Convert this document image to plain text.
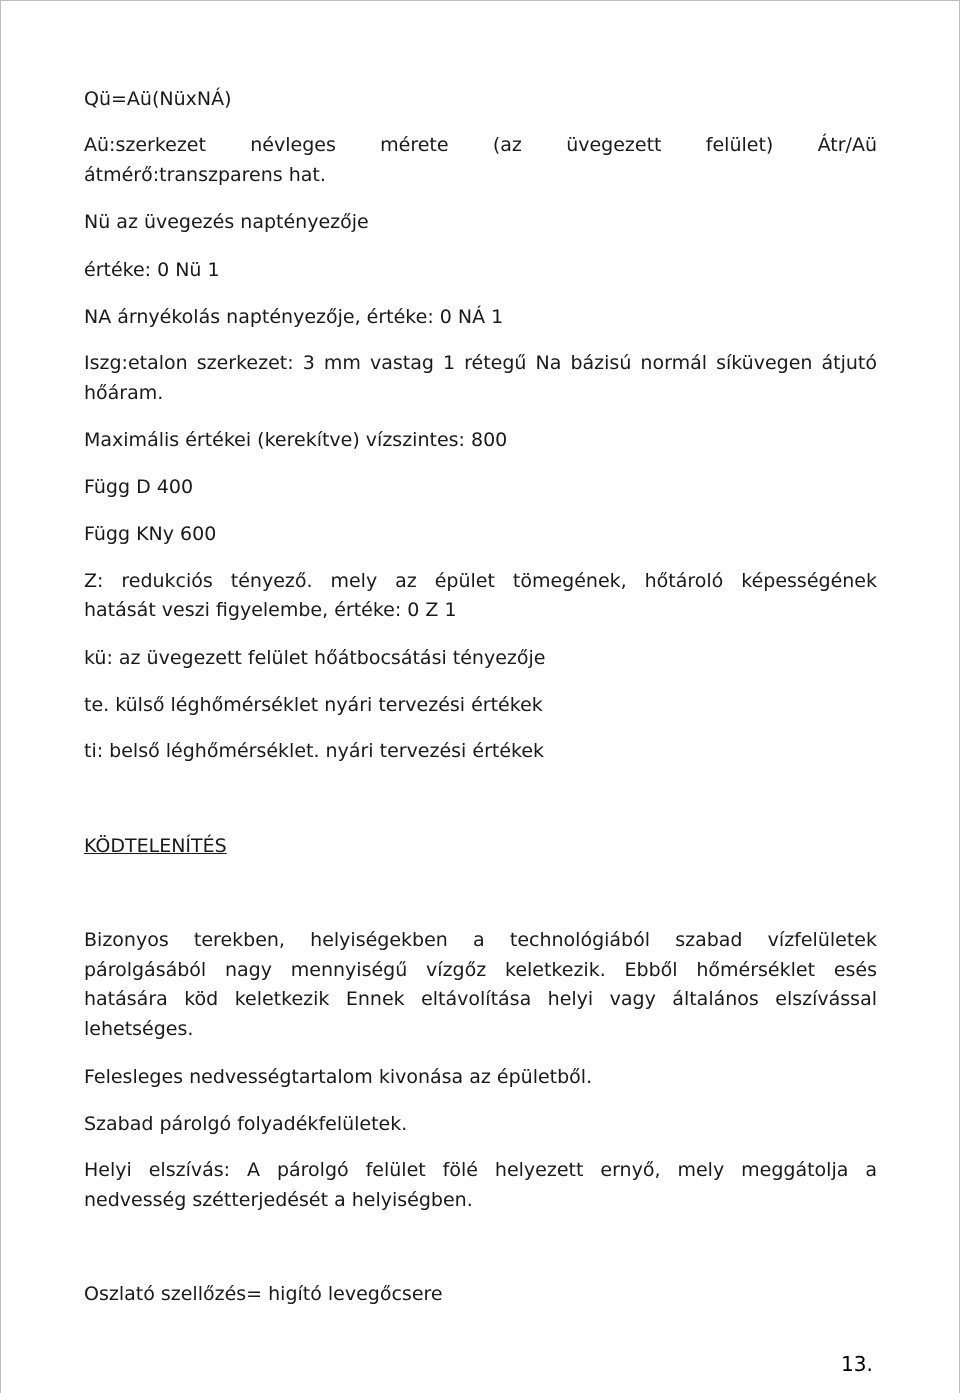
Qü=Aü(NüxNÁ)

Aü:szerkezet névleges mérete (az üvegezett felület) Átr/Aü

átmérő:transzparens hat.

Nü az üvegezés naptényezője

értéke: 0 Nü 1

NA árnyékolás naptényezője, értéke: 0 NÁ 1

Iszg:etalon szerkezet: 3 mm vastag 1 rétegű Na bázisú normál síküvegen átjutó

hőáram.

Maximális értékei (kerekítve) vízszintes: 800

Függ D 400

Függ KNy 600

Z: redukciós tényező. mely az épület tömegének, hőtároló képességének

hatását veszi figyelembe, értéke: 0 Z 1

kü: az üvegezett felület hőátbocsátási tényezője

te. külső léghőmérséklet nyári tervezési értékek

ti: belső léghőmérséklet. nyári tervezési értékek

KÖDTELENÍTÉS

Bizonyos terekben, helyiségekben a technológiából szabad vízfelületek

párolgásából nagy mennyiségű vízgőz keletkezik. Ebből hőmérséklet esés

hatására köd keletkezik Ennek eltávolítása helyi vagy általános elszívással

lehetséges.

Felesleges nedvességtartalom kivonása az épületből.

Szabad párolgó folyadékfelületek.

Helyi elszívás: A párolgó felület fölé helyezett ernyő, mely meggátolja a

nedvesség szétterjedését a helyiségben.

Oszlató szellőzés= higító levegőcsere

13.
